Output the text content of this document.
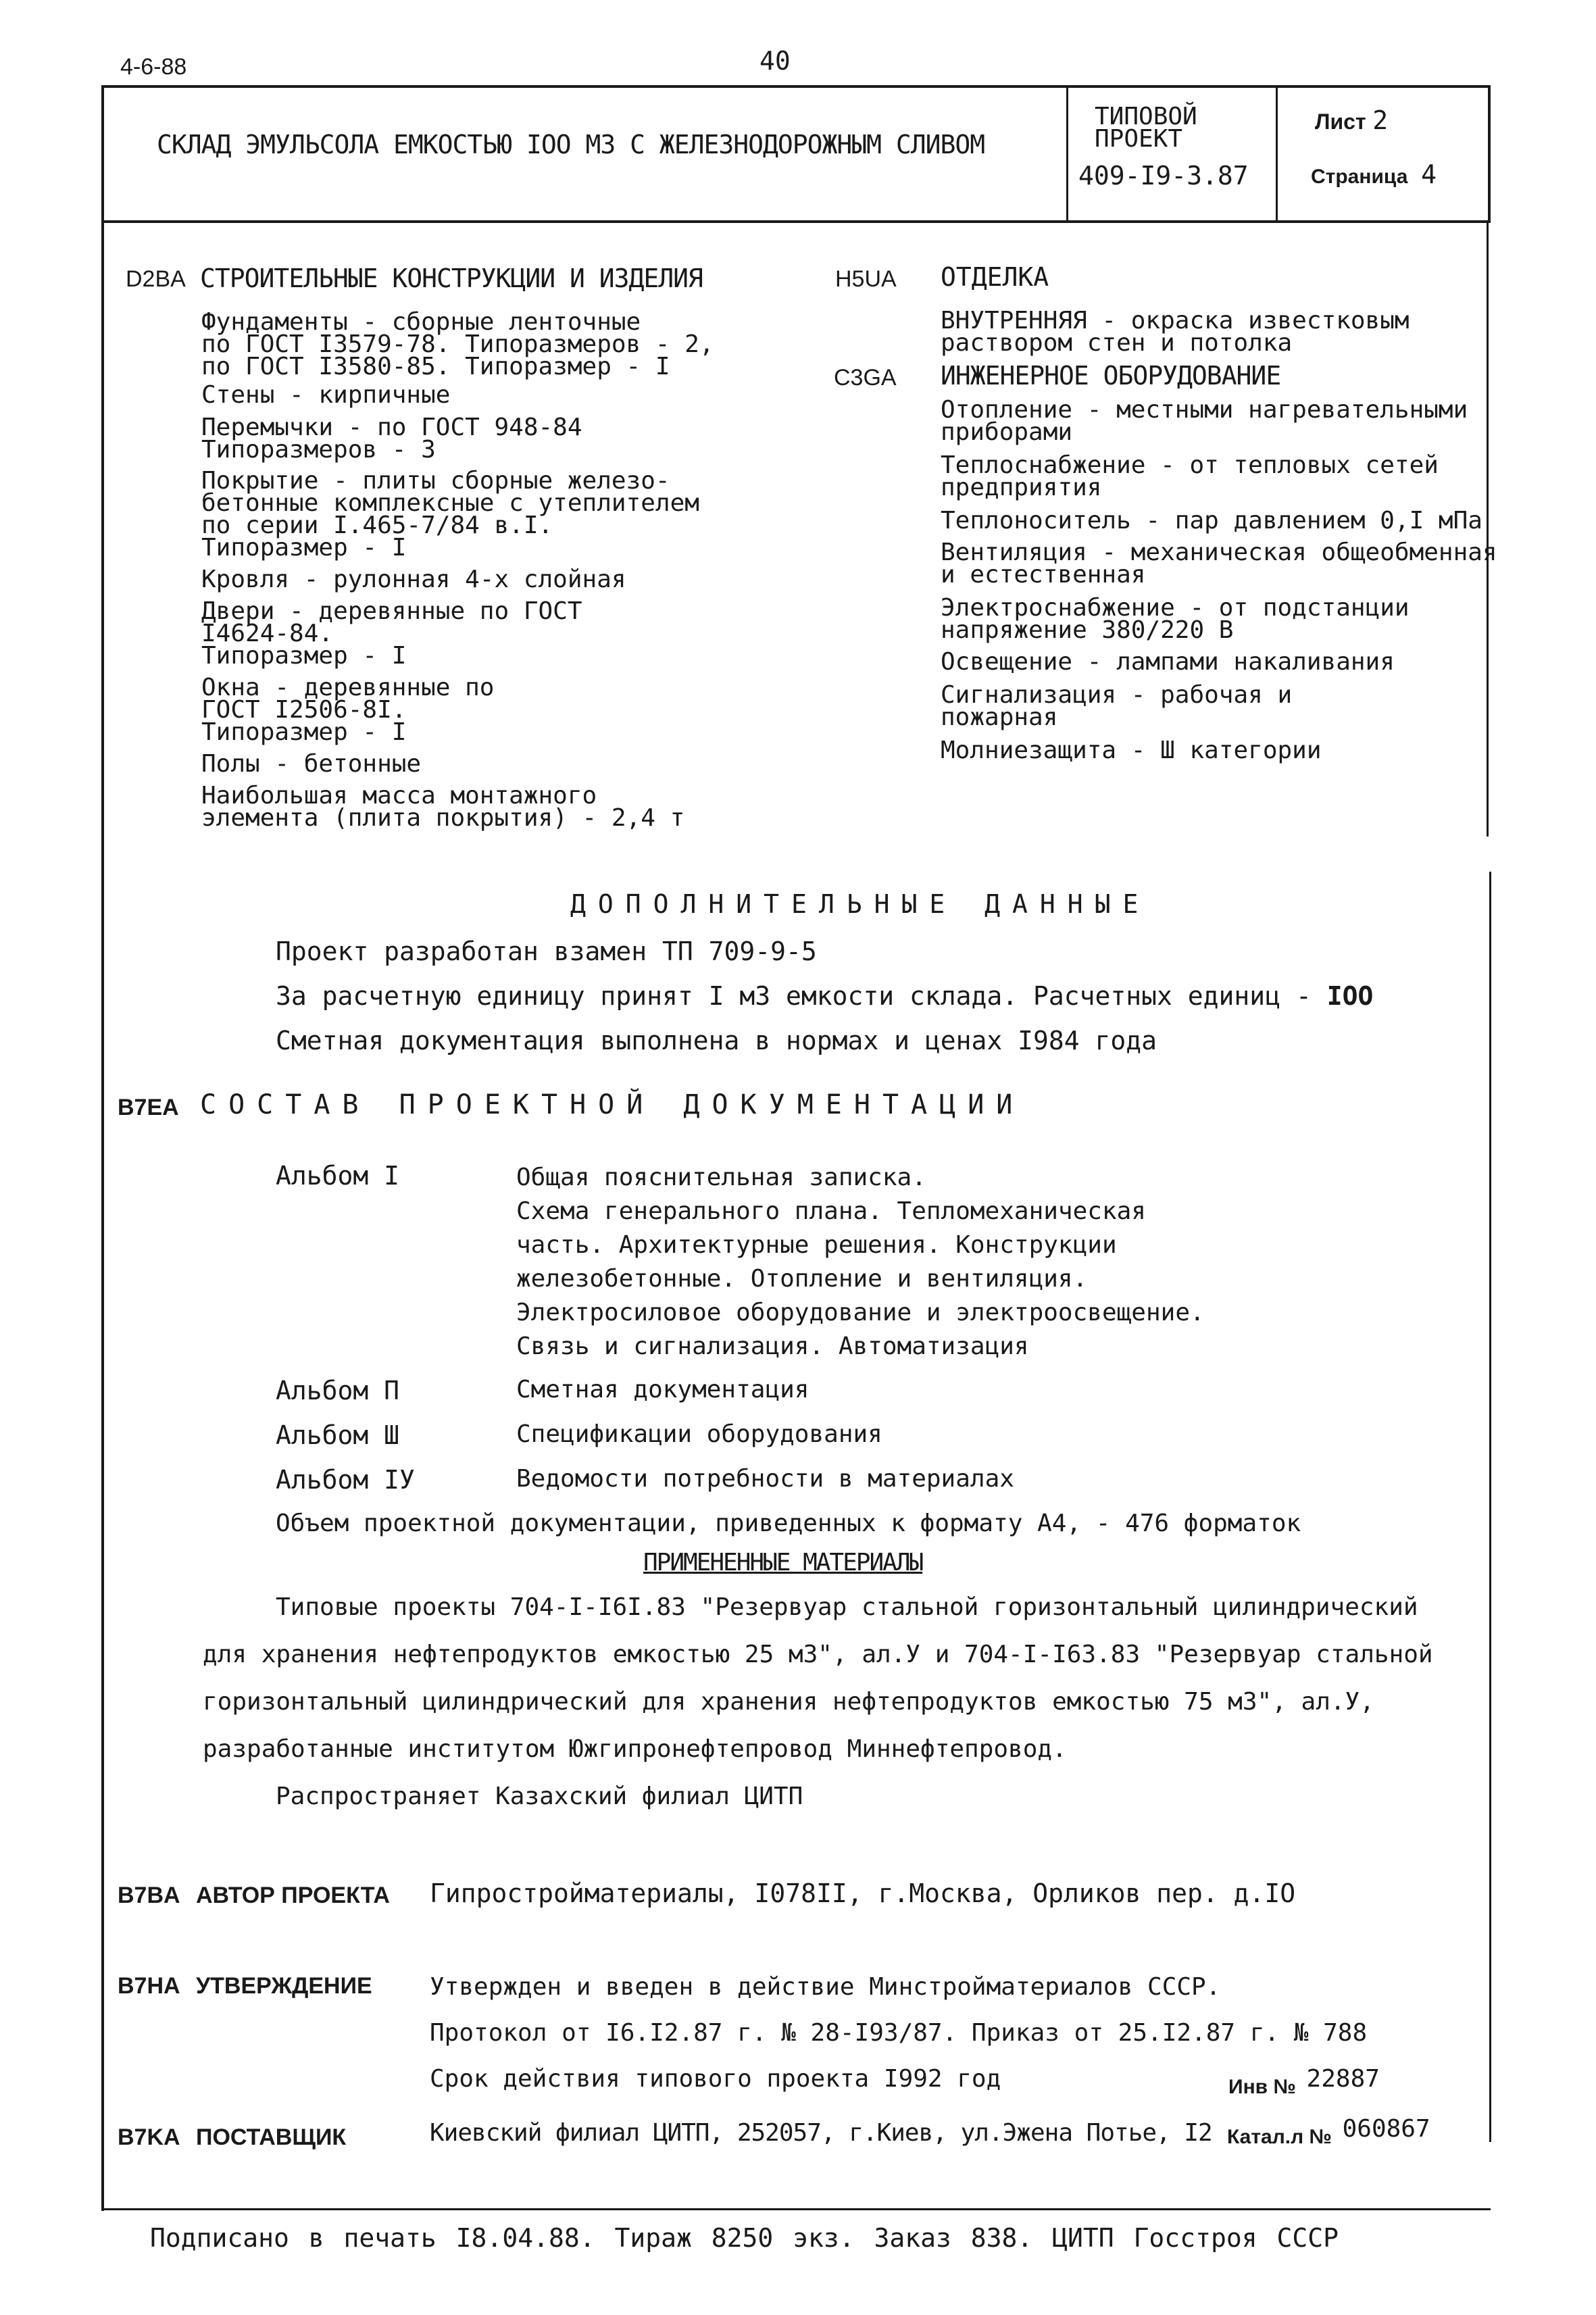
4-6-88	40
СКЛАД ЭМУЛЬСОЛА ЕМКОСТЬЮ IOO M3 C ЖЕЛЕЗНОДОРОЖНЫМ СЛИВОМ
ТИПОВОЙ
ПРОЕКТ
409-I9-3.87
Лист 2
Страница 4
D2BA СТРОИТЕЛЬНЫЕ КОНСТРУКЦИИ И ИЗДЕЛИЯ
Фундаменты - сборные ленточные
по ГОСТ I3579-78. Типоразмеров - 2,
по ГОСТ I3580-85. Типоразмер - I
Стены - кирпичные
Перемычки - по ГОСТ 948-84
Типоразмеров - 3
Покрытие - плиты сборные железо-
бетонные комплексные с утеплителем
по серии I.465-7/84 в.I.
Типоразмер - I
Кровля - рулонная 4-х слойная
Двери - деревянные по ГОСТ
I4624-84.
Типоразмер - I
Окна - деревянные по
ГОСТ I2506-8I.
Типоразмер - I
Полы - бетонные
Наибольшая масса монтажного
элемента (плита покрытия) - 2,4 т
H5UA ОТДЕЛКА
ВНУТРЕННЯЯ - окраска известковым
раствором стен и потолка
C3GA ИНЖЕНЕРНОЕ ОБОРУДОВАНИЕ
Отопление - местными нагревательными
приборами
Теплоснабжение - от тепловых сетей
предприятия
Теплоноситель - пар давлением 0,I мПа
Вентиляция - механическая общеобменная
и естественная
Электроснабжение - от подстанции
напряжение 380/220 В
Освещение - лампами накаливания
Сигнализация - рабочая и
пожарная
Молниезащита - Ш категории
ДОПОЛНИТЕЛЬНЫЕ ДАННЫЕ
Проект разработан взамен ТП 709-9-5
За расчетную единицу принят I м3 емкости склада. Расчетных единиц - IOO
Сметная документация выполнена в нормах и ценах I984 года
B7EA СОСТАВ ПРОЕКТНОЙ ДОКУМЕНТАЦИИ
Альбом I	Общая пояснительная записка.
Схема генерального плана. Тепломеханическая
часть. Архитектурные решения. Конструкции
железобетонные. Отопление и вентиляция.
Электросиловое оборудование и электроосвещение.
Связь и сигнализация. Автоматизация
Альбом П	Сметная документация
Альбом Ш	Спецификации оборудования
Альбом IУ	Ведомости потребности в материалах
Объем проектной документации, приведенных к формату А4, - 476 форматок
ПРИМЕНЕННЫЕ МАТЕРИАЛЫ
Типовые проекты 704-I-I6I.83 "Резервуар стальной горизонтальный цилиндрический
для хранения нефтепродуктов емкостью 25 м3", ал.У и 704-I-I63.83 "Резервуар стальной
горизонтальный цилиндрический для хранения нефтепродуктов емкостью 75 м3", ал.У,
разработанные институтом Южгипронефтепровод Миннефтепровод.
Распространяет Казахский филиал ЦИТП
B7BA АВТОР ПРОЕКТА Гипростройматериалы, I078II, г.Москва, Орликов пер. д.IO
B7HA УТВЕРЖДЕНИЕ Утвержден и введен в действие Минстройматериалов СССР.
Протокол от I6.I2.87 г. № 28-I93/87. Приказ от 25.I2.87 г. № 788
Срок действия типового проекта I992 год	Инв № 22887
B7KA ПОСТАВЩИК	Киевский филиал ЦИТП, 252057, г.Киев, ул.Эжена Потье, I2 Катал.л № 060867
Подписано в печать I8.04.88. Тираж 8250 экз. Заказ 838. ЦИТП Госстроя СССР
